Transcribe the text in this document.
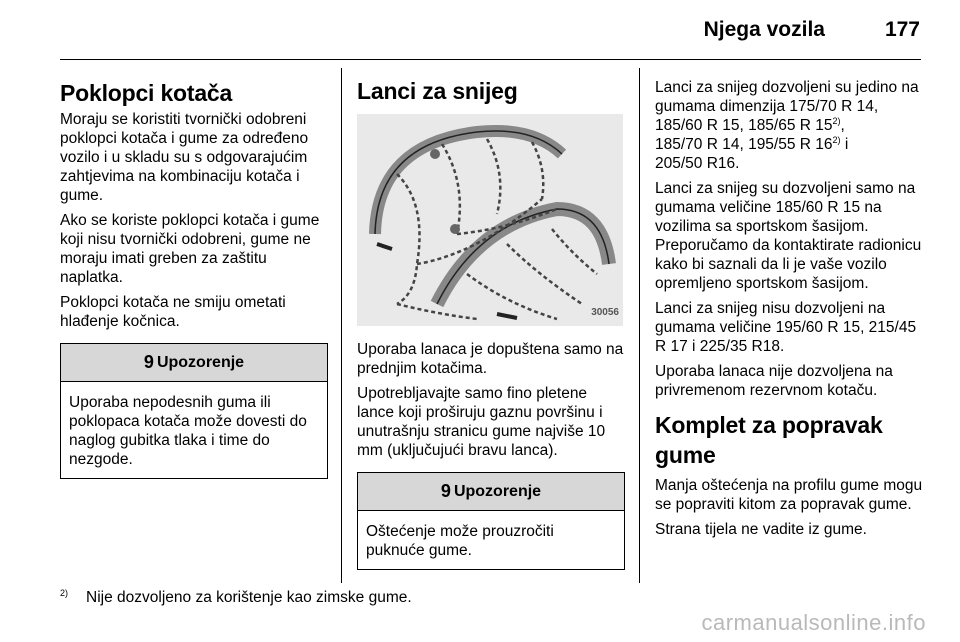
Njega vozila	177
Poklopci kotača

Moraju se koristiti tvornički odobreni poklopci kotača i gume za određeno vozilo i u skladu su s odgovarajućim zahtjevima na kombinaciju kotača i gume.

Ako se koriste poklopci kotača i gume koji nisu tvornički odobreni, gume ne moraju imati greben za zaštitu naplatka.

Poklopci kotača ne smiju ometati hlađenje kočnica.

9 Upozorenje
Uporaba nepodesnih guma ili poklopaca kotača može dovesti do naglog gubitka tlaka i time do nezgode.
Lanci za snijeg
30056

Uporaba lanaca je dopuštena samo na prednjim kotačima.

Upotrebljavajte samo fino pletene lance koji proširuju gaznu površinu i unutrašnju stranicu gume najviše 10 mm (uključujući bravu lanca).

9 Upozorenje
Oštećenje može prouzročiti puknuće gume.

Lanci za snijeg dozvoljeni su jedino na gumama dimenzija 175/70 R 14, 185/60 R 15, 185/65 R 15$^{2)}$,
185/70 R 14, 195/55 R 16$^{2)}$ i
205/50 R16.

Lanci za snijeg su dozvoljeni samo na gumama veličine 185/60 R 15 na vozilima sa sportskom šasijom. Preporučamo da kontaktirate radionicu kako bi saznali da li je vaše vozilo opremljeno sportskom šasijom.

Lanci za snijeg nisu dozvoljeni na gumama veličine 195/60 R 15, 215/45 R 17 i 225/35 R18.

Uporaba lanaca nije dozvoljena na privremenom rezervnom kotaču.

Komplet za popravak gume

Manja oštećenja na profilu gume mogu se popraviti kitom za popravak gume.

Strana tijela ne vadite iz gume.

$^{2)}$ Nije dozvoljeno za korištenje kao zimske gume.
carmanualsonline.info
